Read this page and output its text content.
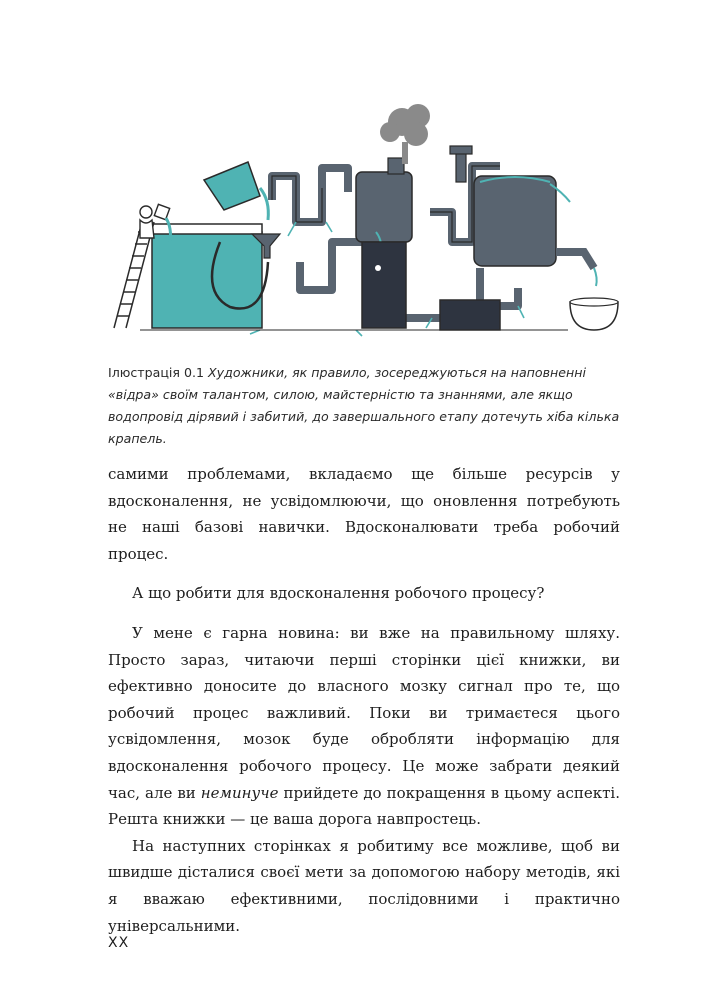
Ілюстрація 0.1 Художники, як правило, зосереджуються на наповненні «відра» своїм талантом, силою, майстерністю та знаннями, але якщо водопровід дірявий і забитий, до завершального етапу дотечуть хіба кілька крапель.

самими проблемами, вкладаємо ще більше ресурсів у вдосконалення, не усвідомлюючи, що оновлення потребують не наші базові навички. Вдосконалювати треба робочий процес.

А що робити для вдосконалення робочого процесу?

У мене є гарна новина: ви вже на правильному шляху. Просто зараз, читаючи перші сторінки цієї книжки, ви ефективно доносите до власного мозку сигнал про те, що робочий процес важливий. Поки ви тримаєтеся цього усвідомлення, мозок буде обробляти інформацію для вдосконалення робочого процесу. Це може забрати деякий час, але ви неминуче прийдете до покращення в цьому аспекті. Решта книжки — це ваша дорога навпростець.

На наступних сторінках я робитиму все можливе, щоб ви швидше дісталися своєї мети за допомогою набору методів, які я вважаю ефективними, послідовними і практично універсальними.

XX
